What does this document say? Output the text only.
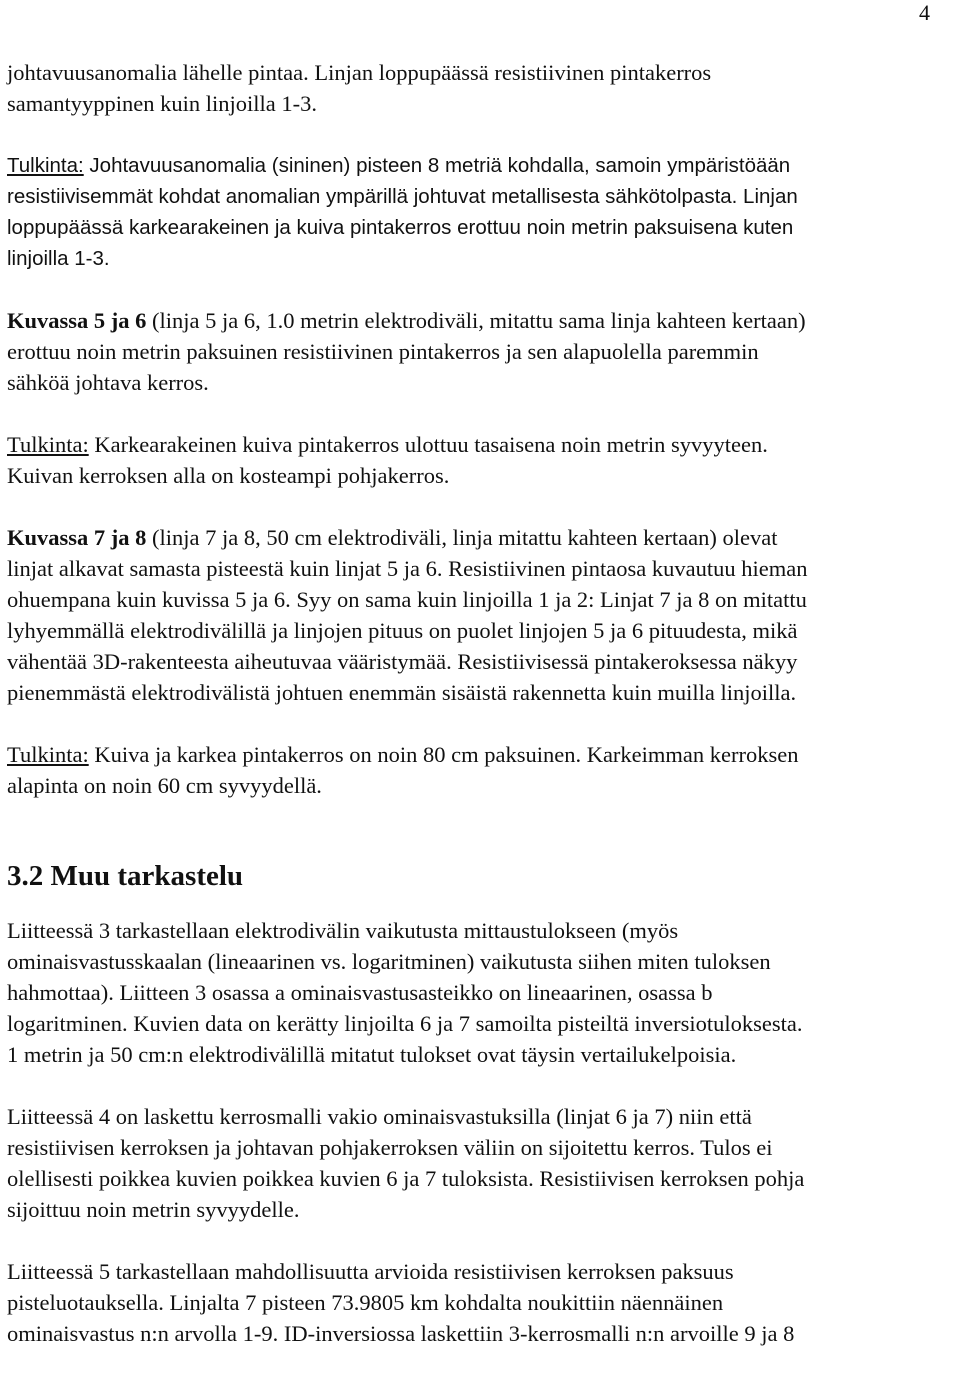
4

johtavuusanomalia lähelle pintaa. Linjan loppupäässä resistiivinen pintakerros
samantyyppinen kuin linjoilla 1-3.

Tulkinta: Johtavuusanomalia (sininen) pisteen 8 metriä kohdalla, samoin ympäristöään
resistiivisemmät kohdat anomalian ympärillä johtuvat metallisesta sähkötolpasta. Linjan
loppupäässä karkearakeinen ja kuiva pintakerros erottuu noin metrin paksuisena kuten
linjoilla 1-3.

Kuvassa 5 ja 6 (linja 5 ja 6, 1.0 metrin elektrodiväli, mitattu sama linja kahteen kertaan)
erottuu noin metrin paksuinen resistiivinen pintakerros ja sen alapuolella paremmin
sähköä johtava kerros.

Tulkinta: Karkearakeinen kuiva pintakerros ulottuu tasaisena noin metrin syvyyteen.
Kuivan kerroksen alla on kosteampi pohjakerros.

Kuvassa 7 ja 8 (linja 7 ja 8, 50 cm elektrodiväli, linja mitattu kahteen kertaan) olevat
linjat alkavat samasta pisteestä kuin linjat 5 ja 6. Resistiivinen pintaosa kuvautuu hieman
ohuempana kuin kuvissa 5 ja 6. Syy on sama kuin linjoilla 1 ja 2: Linjat 7 ja 8 on mitattu
lyhyemmällä elektrodivälillä ja linjojen pituus on puolet linjojen 5 ja 6 pituudesta, mikä
vähentää 3D-rakenteesta aiheutuvaa vääristymää. Resistiivisessä pintakeroksessa näkyy
pienemmästä elektrodivälistä johtuen enemmän sisäistä rakennetta kuin muilla linjoilla.

Tulkinta: Kuiva ja karkea pintakerros on noin 80 cm paksuinen. Karkeimman kerroksen
alapinta on noin 60 cm syvyydellä.

3.2 Muu tarkastelu

Liitteessä 3 tarkastellaan elektrodivälin vaikutusta mittaustulokseen (myös
ominaisvastusskaalan (lineaarinen vs. logaritminen) vaikutusta siihen miten tuloksen
hahmottaa). Liitteen 3 osassa a ominaisvastusasteikko on lineaarinen, osassa b
logaritminen. Kuvien data on kerätty linjoilta 6 ja 7 samoilta pisteiltä inversiotuloksesta.
1 metrin ja 50 cm:n elektrodivälillä mitatut tulokset ovat täysin vertailukelpoisia.

Liitteessä 4 on laskettu kerrosmalli vakio ominaisvastuksilla (linjat 6 ja 7) niin että
resistiivisen kerroksen ja johtavan pohjakerroksen väliin on sijoitettu kerros. Tulos ei
olellisesti poikkea kuvien poikkea kuvien 6 ja 7 tuloksista. Resistiivisen kerroksen pohja
sijoittuu noin metrin syvyydelle.

Liitteessä 5 tarkastellaan mahdollisuutta arvioida resistiivisen kerroksen paksuus
pisteluotauksella. Linjalta 7 pisteen 73.9805 km kohdalta noukittiin näennäinen
ominaisvastus n:n arvolla 1-9. ID-inversiossa laskettiin 3-kerrosmalli n:n arvoille 9 ja 8
